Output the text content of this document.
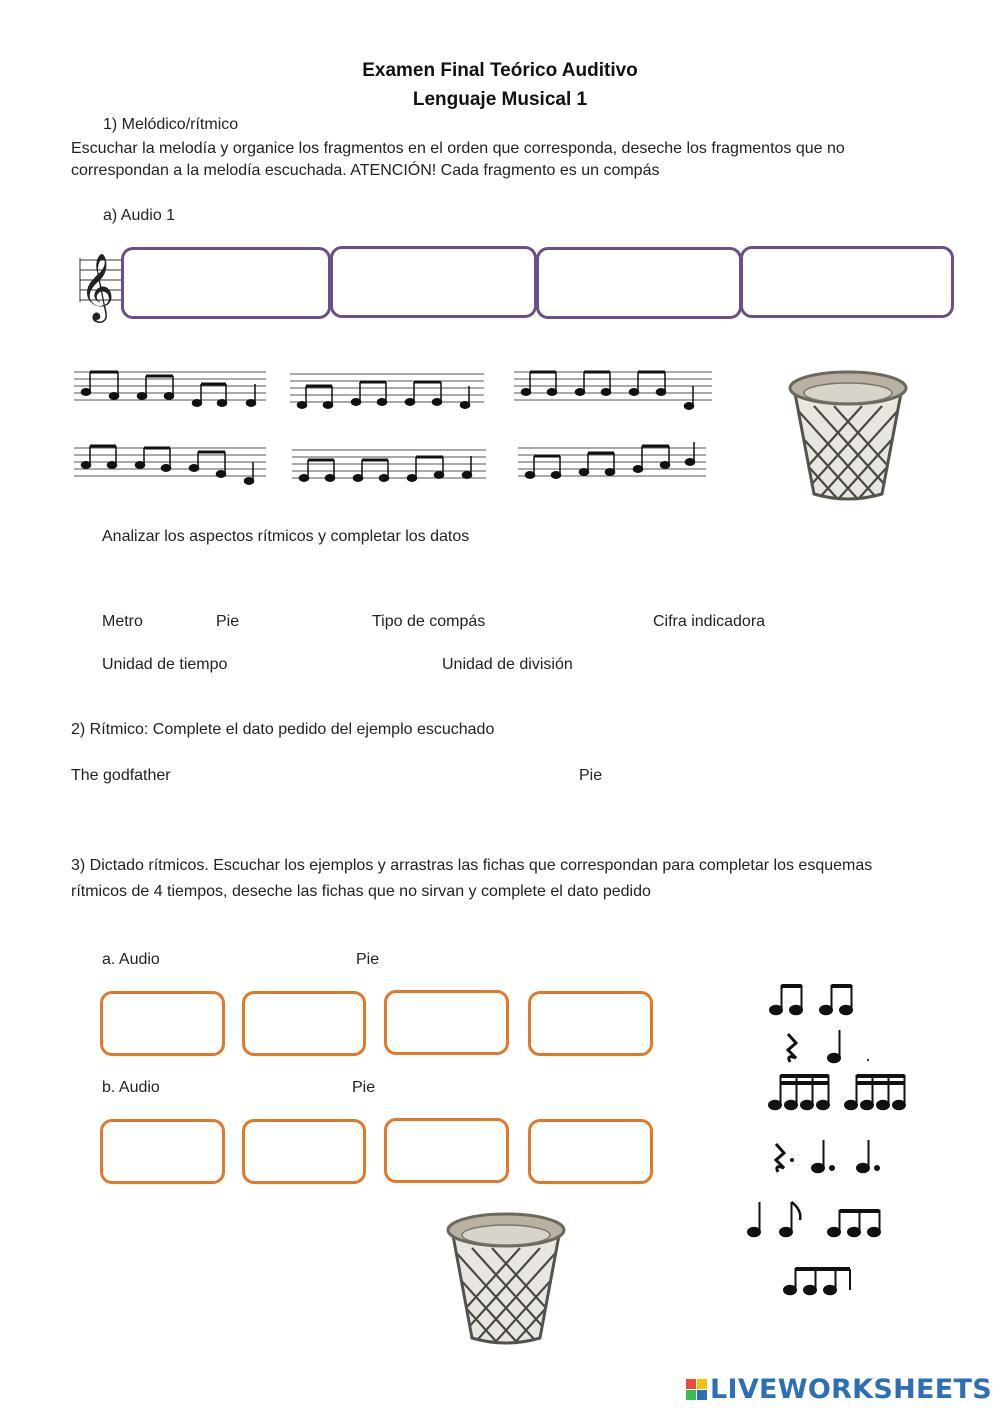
Examen Final Teórico Auditivo
Lenguaje Musical 1
1) Melódico/rítmico
Escuchar la melodía y organice los fragmentos en el orden que corresponda, deseche los fragmentos que no
correspondan a la melodía escuchada. ATENCIÓN! Cada fragmento es un compás
a) Audio 1
𝄞
Analizar los aspectos rítmicos y completar los datos
Metro	Pie	Tipo de compás	Cifra indicadora
Unidad de tiempo	Unidad de división
2) Rítmico: Complete el dato pedido del ejemplo escuchado
The godfather	Pie
3) Dictado rítmicos. Escuchar los ejemplos y arrastras las fichas que correspondan para completar los esquemas
rítmicos de 4 tiempos, deseche las fichas que no sirvan y complete el dato pedido
a. Audio	Pie
b. Audio	Pie
LIVEWORKSHEETS
